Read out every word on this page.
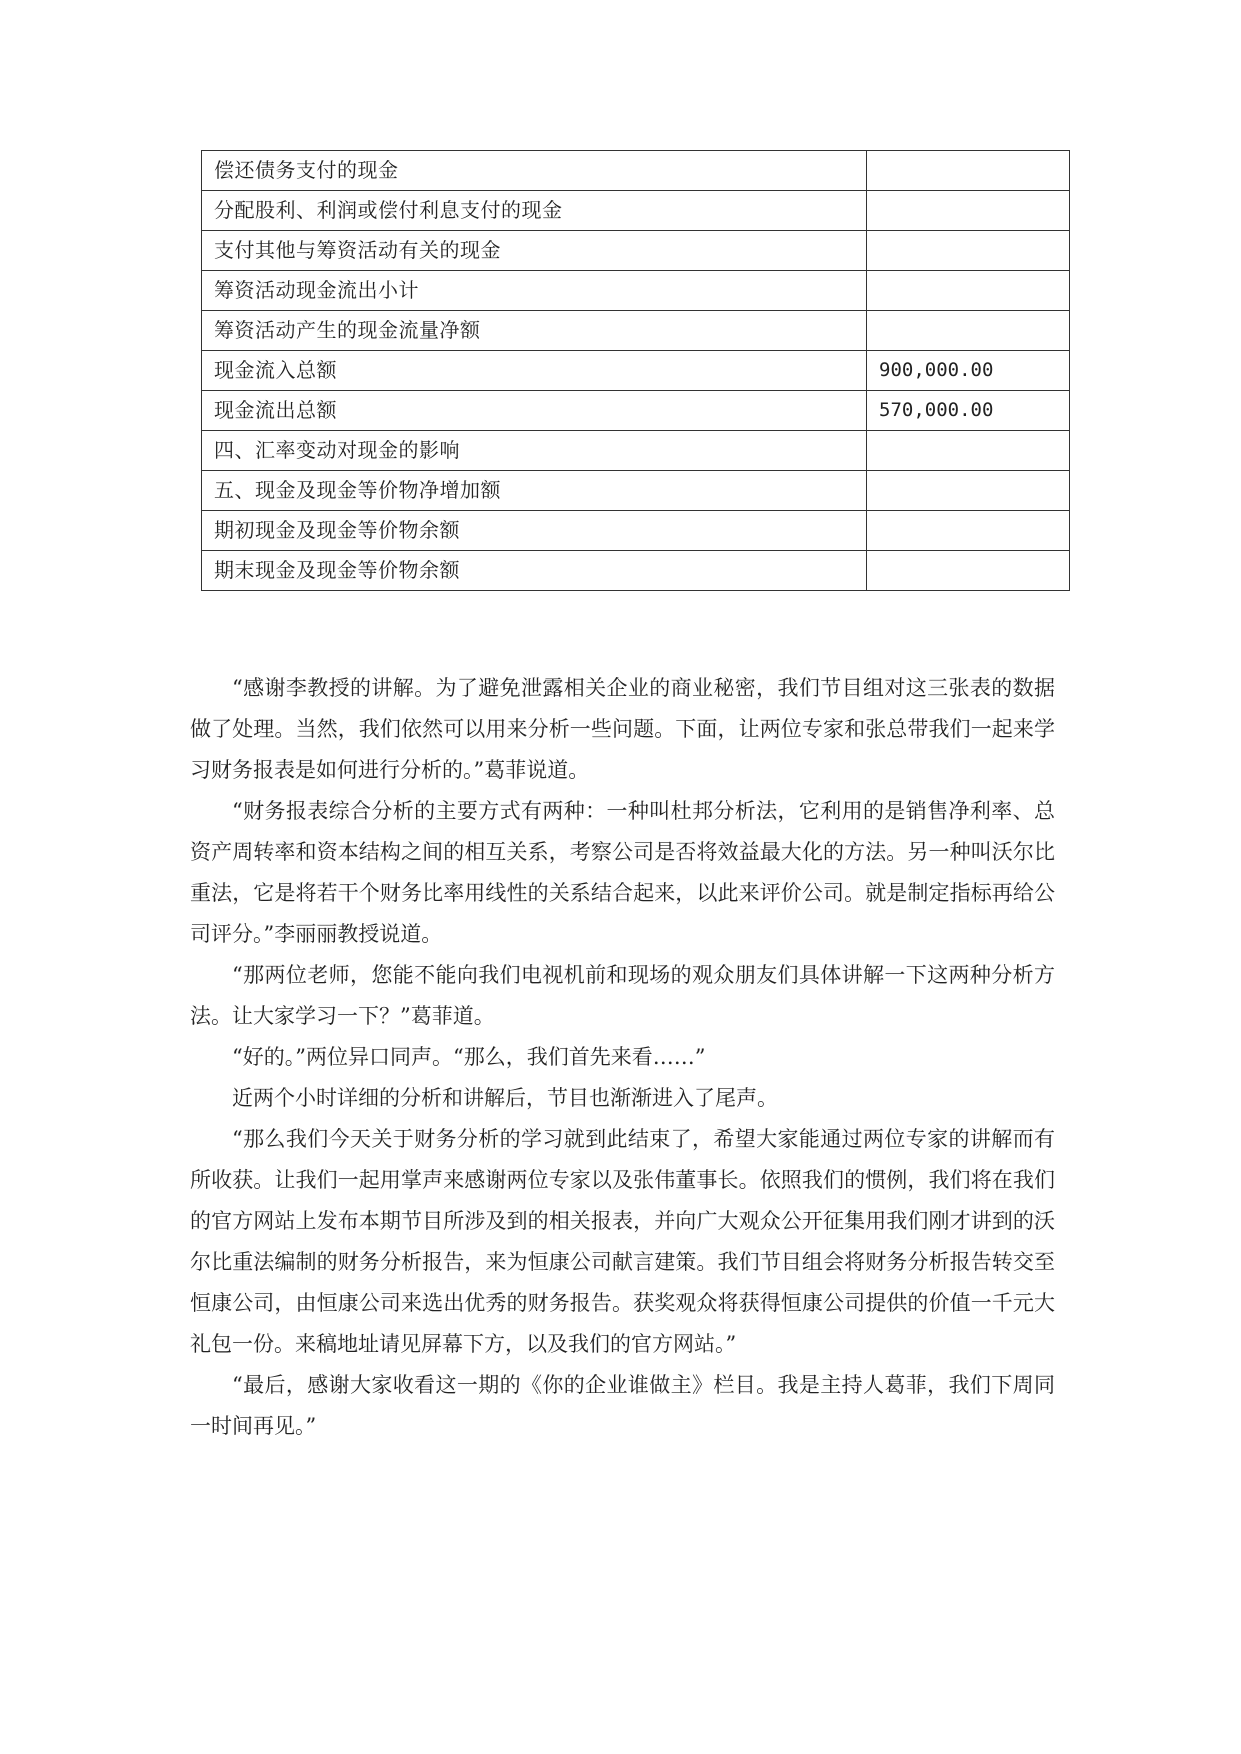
偿还债务支付的现金	
分配股利、利润或偿付利息支付的现金	
支付其他与筹资活动有关的现金	
筹资活动现金流出小计	
筹资活动产生的现金流量净额	
现金流入总额	900,000.00
现金流出总额	570,000.00
四、汇率变动对现金的影响	
五、现金及现金等价物净增加额	
期初现金及现金等价物余额	
期末现金及现金等价物余额	

“感谢李教授的讲解。为了避免泄露相关企业的商业秘密，我们节目组对这三张表的数据做了处理。当然，我们依然可以用来分析一些问题。下面，让两位专家和张总带我们一起来学习财务报表是如何进行分析的。”葛菲说道。

“财务报表综合分析的主要方式有两种：一种叫杜邦分析法，它利用的是销售净利率、总资产周转率和资本结构之间的相互关系，考察公司是否将效益最大化的方法。另一种叫沃尔比重法，它是将若干个财务比率用线性的关系结合起来，以此来评价公司。就是制定指标再给公司评分。”李丽丽教授说道。

“那两位老师，您能不能向我们电视机前和现场的观众朋友们具体讲解一下这两种分析方法。让大家学习一下？”葛菲道。

“好的。”两位异口同声。“那么，我们首先来看……”

近两个小时详细的分析和讲解后，节目也渐渐进入了尾声。

“那么我们今天关于财务分析的学习就到此结束了，希望大家能通过两位专家的讲解而有所收获。让我们一起用掌声来感谢两位专家以及张伟董事长。依照我们的惯例，我们将在我们的官方网站上发布本期节目所涉及到的相关报表，并向广大观众公开征集用我们刚才讲到的沃尔比重法编制的财务分析报告，来为恒康公司献言建策。我们节目组会将财务分析报告转交至恒康公司，由恒康公司来选出优秀的财务报告。获奖观众将获得恒康公司提供的价值一千元大礼包一份。来稿地址请见屏幕下方，以及我们的官方网站。”

“最后，感谢大家收看这一期的《你的企业谁做主》栏目。我是主持人葛菲，我们下周同一时间再见。”
